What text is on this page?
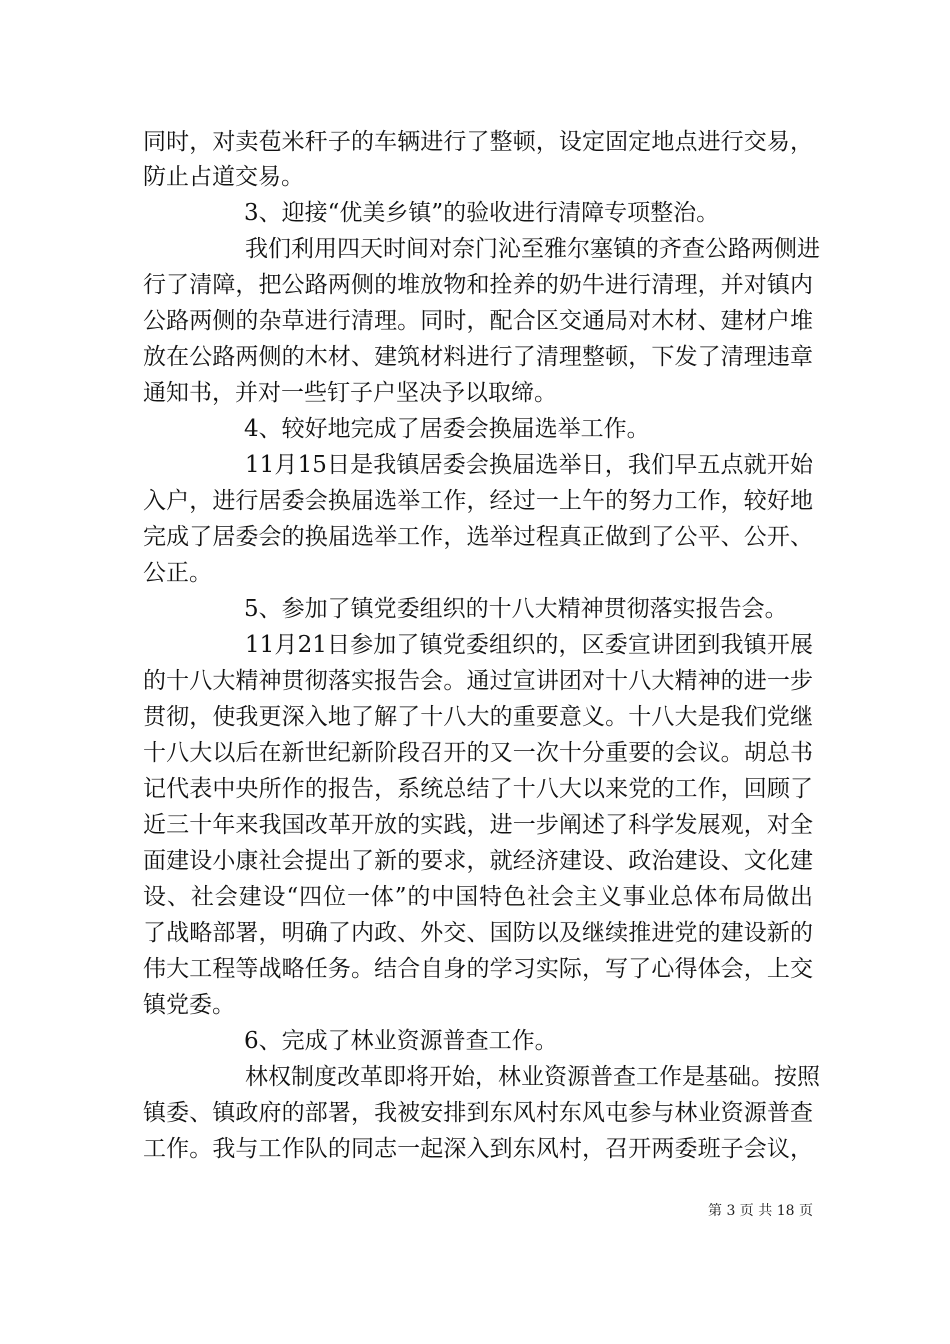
同时，对卖苞米秆子的车辆进行了整顿，设定固定地点进行交易，
防止占道交易。
3、迎接“优美乡镇”的验收进行清障专项整治。
我们利用四天时间对奈门沁至雅尔塞镇的齐查公路两侧进
行了清障，把公路两侧的堆放物和拴养的奶牛进行清理，并对镇内
公路两侧的杂草进行清理。同时，配合区交通局对木材、建材户堆
放在公路两侧的木材、建筑材料进行了清理整顿，下发了清理违章
通知书，并对一些钉子户坚决予以取缔。
4、较好地完成了居委会换届选举工作。
11月15日是我镇居委会换届选举日，我们早五点就开始
入户，进行居委会换届选举工作，经过一上午的努力工作，较好地
完成了居委会的换届选举工作，选举过程真正做到了公平、公开、
公正。
5、参加了镇党委组织的十八大精神贯彻落实报告会。
11月21日参加了镇党委组织的，区委宣讲团到我镇开展
的十八大精神贯彻落实报告会。通过宣讲团对十八大精神的进一步
贯彻，使我更深入地了解了十八大的重要意义。十八大是我们党继
十八大以后在新世纪新阶段召开的又一次十分重要的会议。胡总书
记代表中央所作的报告，系统总结了十八大以来党的工作，回顾了
近三十年来我国改革开放的实践，进一步阐述了科学发展观，对全
面建设小康社会提出了新的要求，就经济建设、政治建设、文化建
设、社会建设“四位一体”的中国特色社会主义事业总体布局做出
了战略部署，明确了内政、外交、国防以及继续推进党的建设新的
伟大工程等战略任务。结合自身的学习实际，写了心得体会，上交
镇党委。
6、完成了林业资源普查工作。
林权制度改革即将开始，林业资源普查工作是基础。按照
镇委、镇政府的部署，我被安排到东风村东风屯参与林业资源普查
工作。我与工作队的同志一起深入到东风村，召开两委班子会议，
第 3 页 共 18 页
